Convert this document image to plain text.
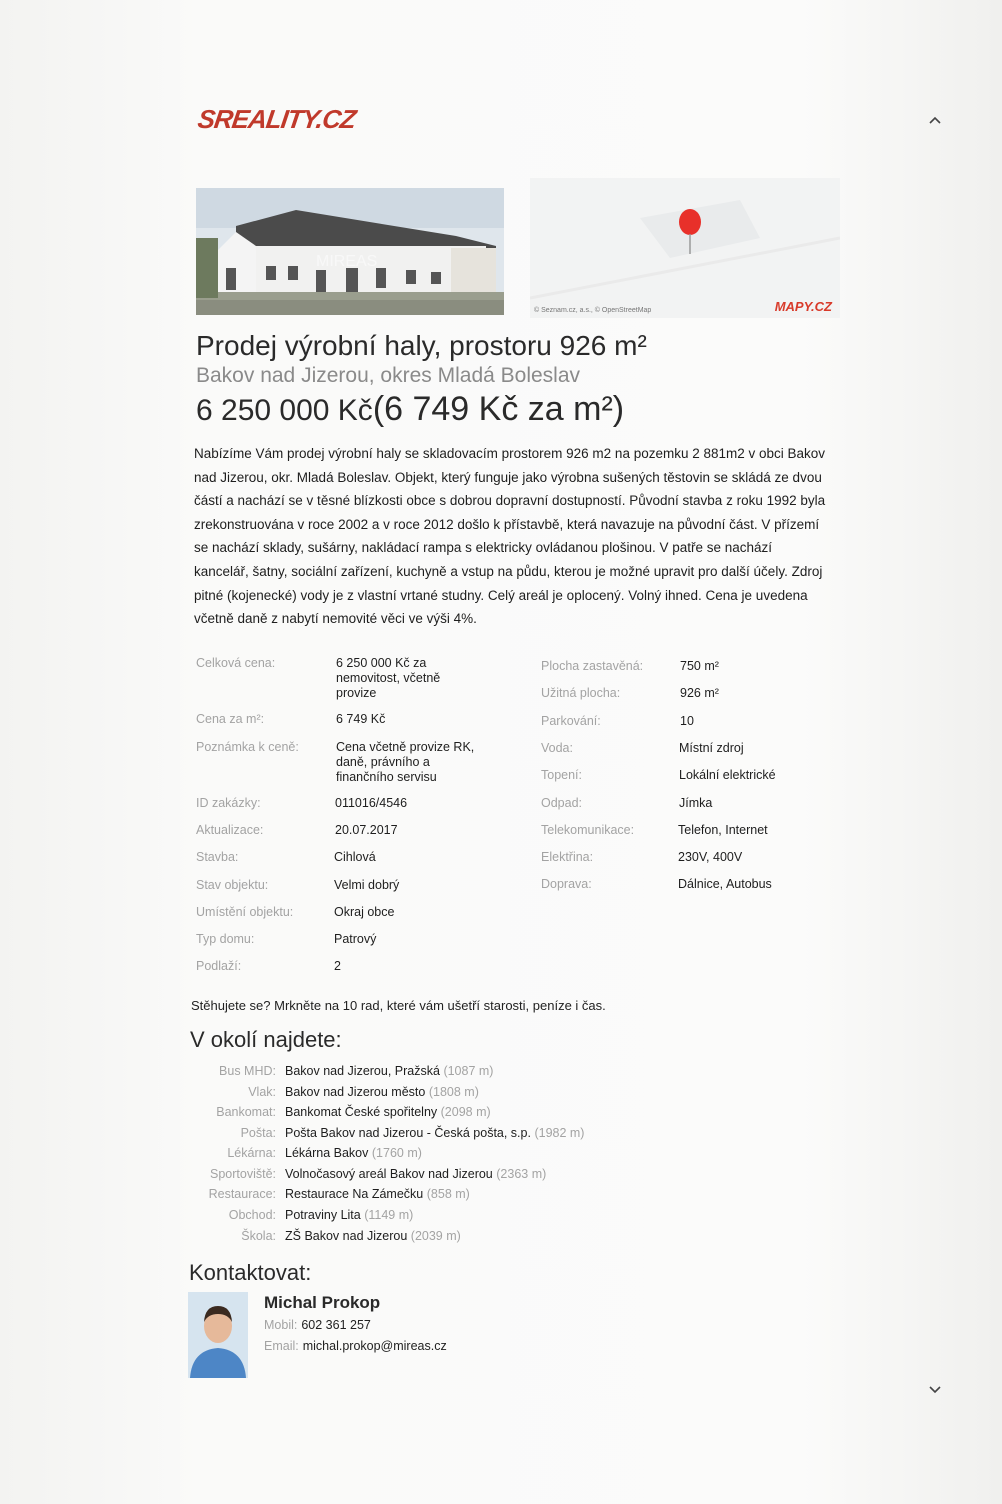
SREALITY.CZ
MIREAS
© Seznam.cz, a.s., © OpenStreetMap	MAPY.CZ
Prodej výrobní haly, prostoru 926 m²
Bakov nad Jizerou, okres Mladá Boleslav
6 250 000 Kč(6 749 Kč za m²)
Nabízíme Vám prodej výrobní haly se skladovacím prostorem 926 m2 na pozemku 2 881m2 v obci Bakov nad Jizerou, okr. Mladá Boleslav. Objekt, který funguje jako výrobna sušených těstovin se skládá ze dvou částí a nachází se v těsné blízkosti obce s dobrou dopravní dostupností. Původní stavba z roku 1992 byla zrekonstruována v roce 2002 a v roce 2012 došlo k přístavbě, která navazuje na původní část. V přízemí se nachází sklady, sušárny, nakládací rampa s elektricky ovládanou plošinou. V patře se nachází kancelář, šatny, sociální zařízení, kuchyně a vstup na půdu, kterou je možné upravit pro další účely. Zdroj pitné (kojenecké) vody je z vlastní vrtané studny. Celý areál je oplocený. Volný ihned. Cena je uvedena včetně daně z nabytí nemovité věci ve výši 4%.
Celková cena:	6 250 000 Kč za nemovitost, včetně provize
Cena za m²:	6 749 Kč
Poznámka k ceně:	Cena včetně provize RK, daně, právního a finančního servisu
ID zakázky:	011016/4546
Aktualizace:	20.07.2017
Stavba:	Cihlová
Stav objektu:	Velmi dobrý
Umístění objektu:	Okraj obce
Typ domu:	Patrový
Podlaží:	2
Plocha zastavěná:	750 m²
Užitná plocha:	926 m²
Parkování:	10
Voda:	Místní zdroj
Topení:	Lokální elektrické
Odpad:	Jímka
Telekomunikace:	Telefon, Internet
Elektřina:	230V, 400V
Doprava:	Dálnice, Autobus
Stěhujete se? Mrkněte na 10 rad, které vám ušetří starosti, peníze i čas.
V okolí najdete:
Bus MHD: Bakov nad Jizerou, Pražská (1087 m)
Vlak: Bakov nad Jizerou město (1808 m)
Bankomat: Bankomat České spořitelny (2098 m)
Pošta: Pošta Bakov nad Jizerou - Česká pošta, s.p. (1982 m)
Lékárna: Lékárna Bakov (1760 m)
Sportoviště: Volnočasový areál Bakov nad Jizerou (2363 m)
Restaurace: Restaurace Na Zámečku (858 m)
Obchod: Potraviny Lita (1149 m)
Škola: ZŠ Bakov nad Jizerou (2039 m)
Kontaktovat:
Michal Prokop
Mobil: 602 361 257
Email: michal.prokop@mireas.cz
